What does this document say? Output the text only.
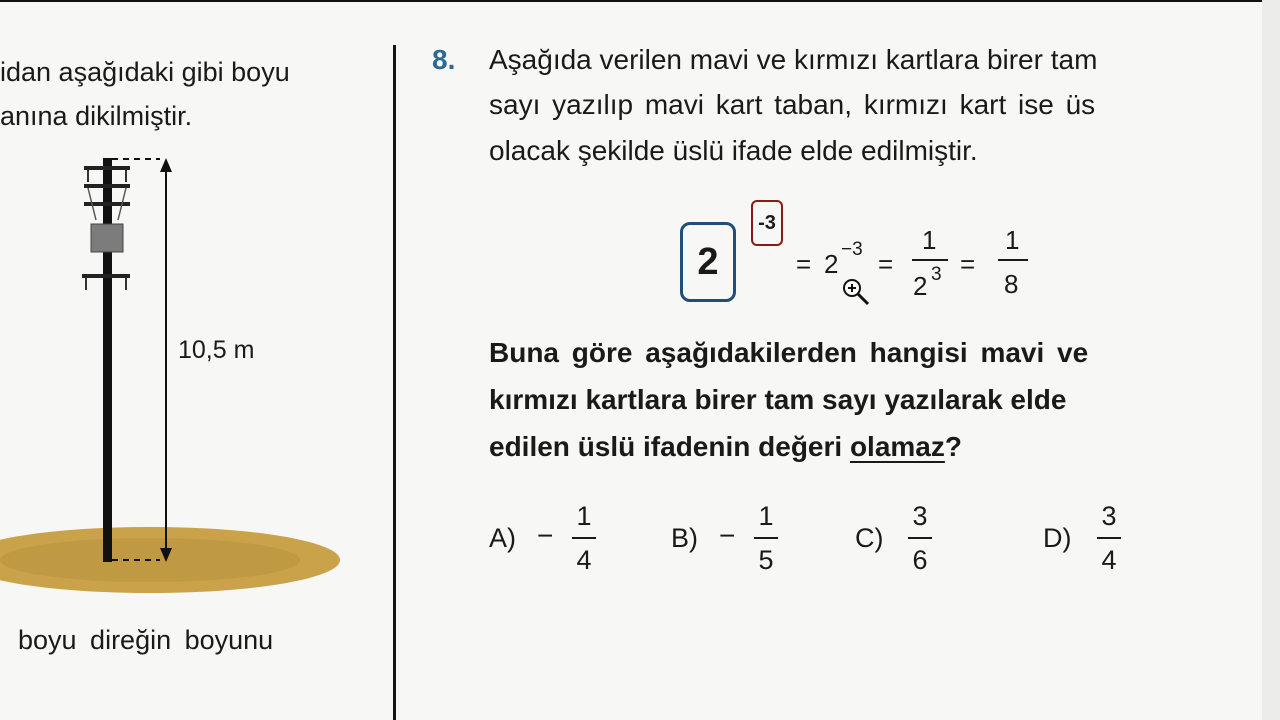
idan aşağıdaki gibi boyu
anına dikilmiştir.
10,5 m
boyu direğin boyunu
8. Aşağıda verilen mavi ve kırmızı kartlara birer tam
sayı yazılıp mavi kart taban, kırmızı kart ise üs
olacak şekilde üslü ifade elde edilmiştir.
2
-3
= 2 −3 =
1
2 3 =
1
8
Buna göre aşağıdakilerden hangisi mavi ve
kırmızı kartlara birer tam sayı yazılarak elde
edilen üslü ifadenin değeri olamaz?
A) −
1
4
B) −
1
5
C)
3
6
D)
3
4
